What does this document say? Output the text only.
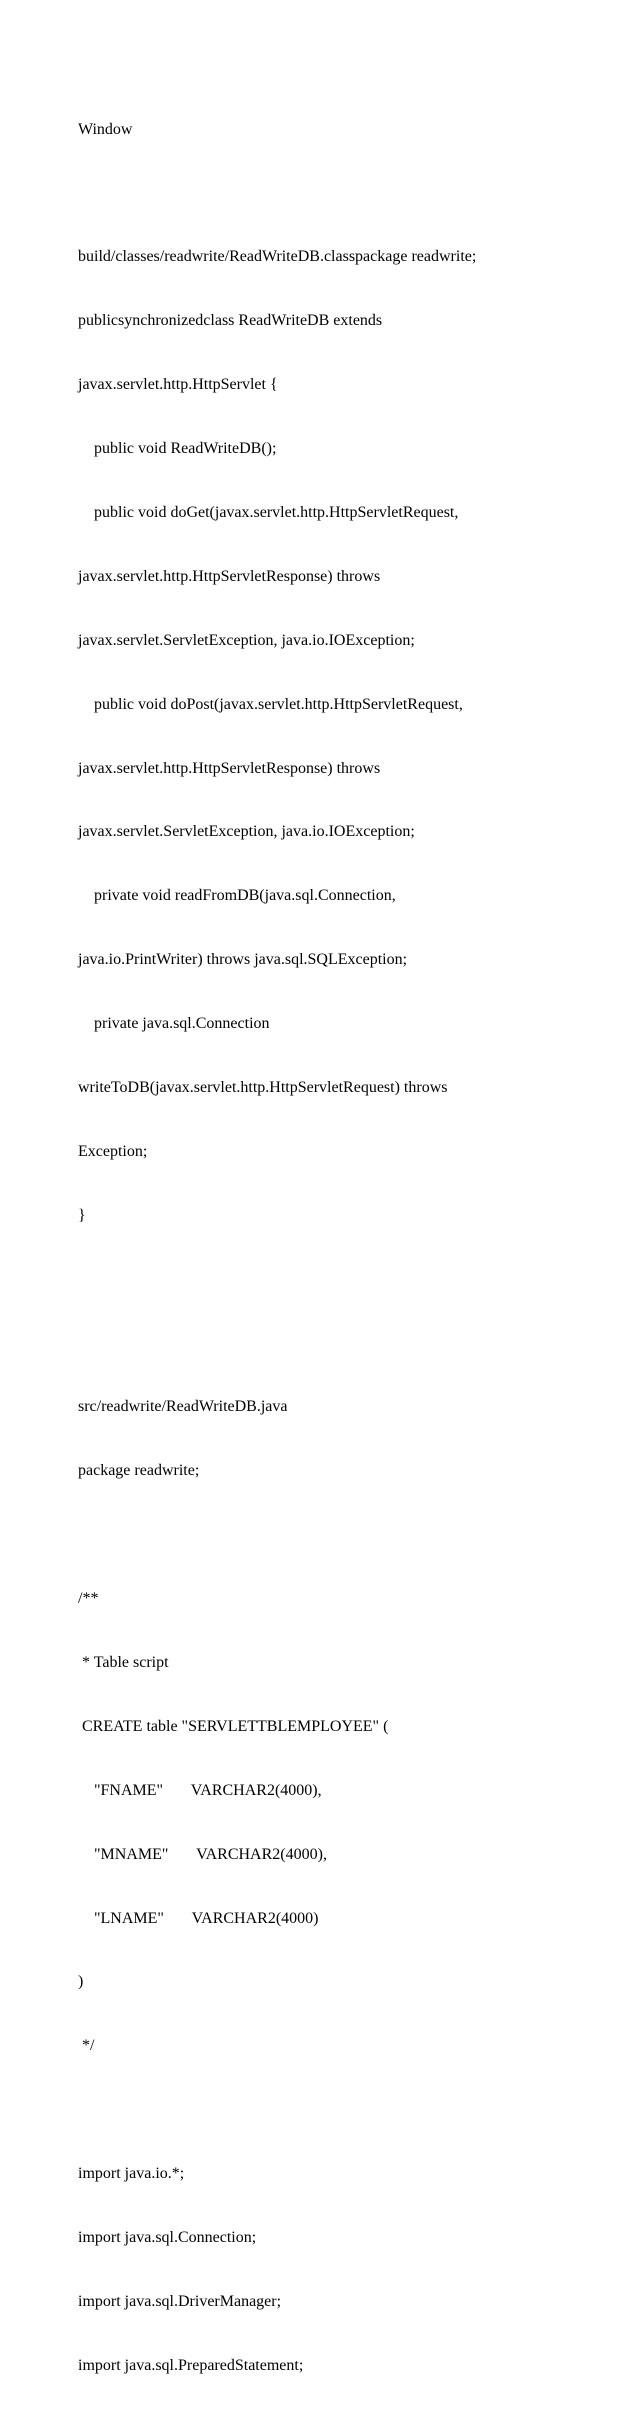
Window

build/classes/readwrite/ReadWriteDB.classpackage readwrite;

publicsynchronizedclass ReadWriteDB extends

javax.servlet.http.HttpServlet {

public void ReadWriteDB();

public void doGet(javax.servlet.http.HttpServletRequest,

javax.servlet.http.HttpServletResponse) throws

javax.servlet.ServletException, java.io.IOException;

public void doPost(javax.servlet.http.HttpServletRequest,

javax.servlet.http.HttpServletResponse) throws

javax.servlet.ServletException, java.io.IOException;

private void readFromDB(java.sql.Connection,

java.io.PrintWriter) throws java.sql.SQLException;

private java.sql.Connection

writeToDB(javax.servlet.http.HttpServletRequest) throws

Exception;

}

src/readwrite/ReadWriteDB.java

package readwrite;

/**

* Table script

CREATE table "SERVLETTBLEMPLOYEE" (

"FNAME"       VARCHAR2(4000),

"MNAME"       VARCHAR2(4000),

"LNAME"       VARCHAR2(4000)

)

*/

import java.io.*;

import java.sql.Connection;

import java.sql.DriverManager;

import java.sql.PreparedStatement;
